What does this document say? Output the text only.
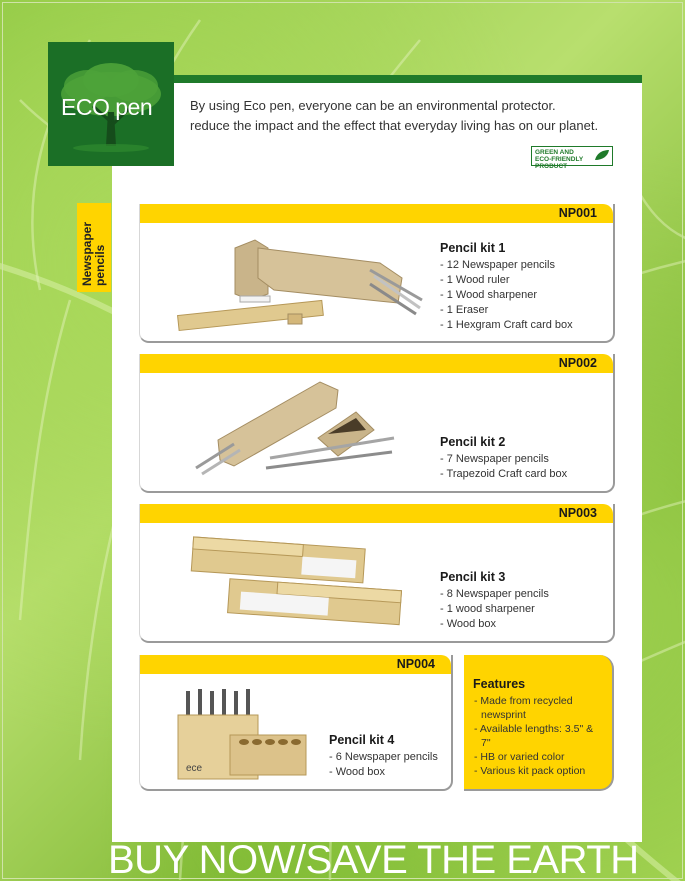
ECO pen	By using Eco pen, everyone can be an environmental protector.
reduce the impact and the effect that everyday living has on our planet.
GREEN AND
ECO-FRIENDLY PRODUCT
Newspaper pencils
NP001
Pencil kit 1
- 12 Newspaper pencils
- 1 Wood ruler
- 1 Wood sharpener
- 1 Eraser
- 1 Hexgram Craft card box
NP002
Pencil kit 2
- 7 Newspaper pencils
- Trapezoid Craft card box
NP003
Pencil kit 3
- 8 Newspaper pencils
- 1 wood sharpener
- Wood box
NP004
ece
Pencil kit 4
- 6 Newspaper pencils
- Wood box
Features
- Made from recycled newsprint
- Available lengths: 3.5" & 7"
- HB or varied color
- Various kit pack option
BUY NOW/SAVE THE EARTH
